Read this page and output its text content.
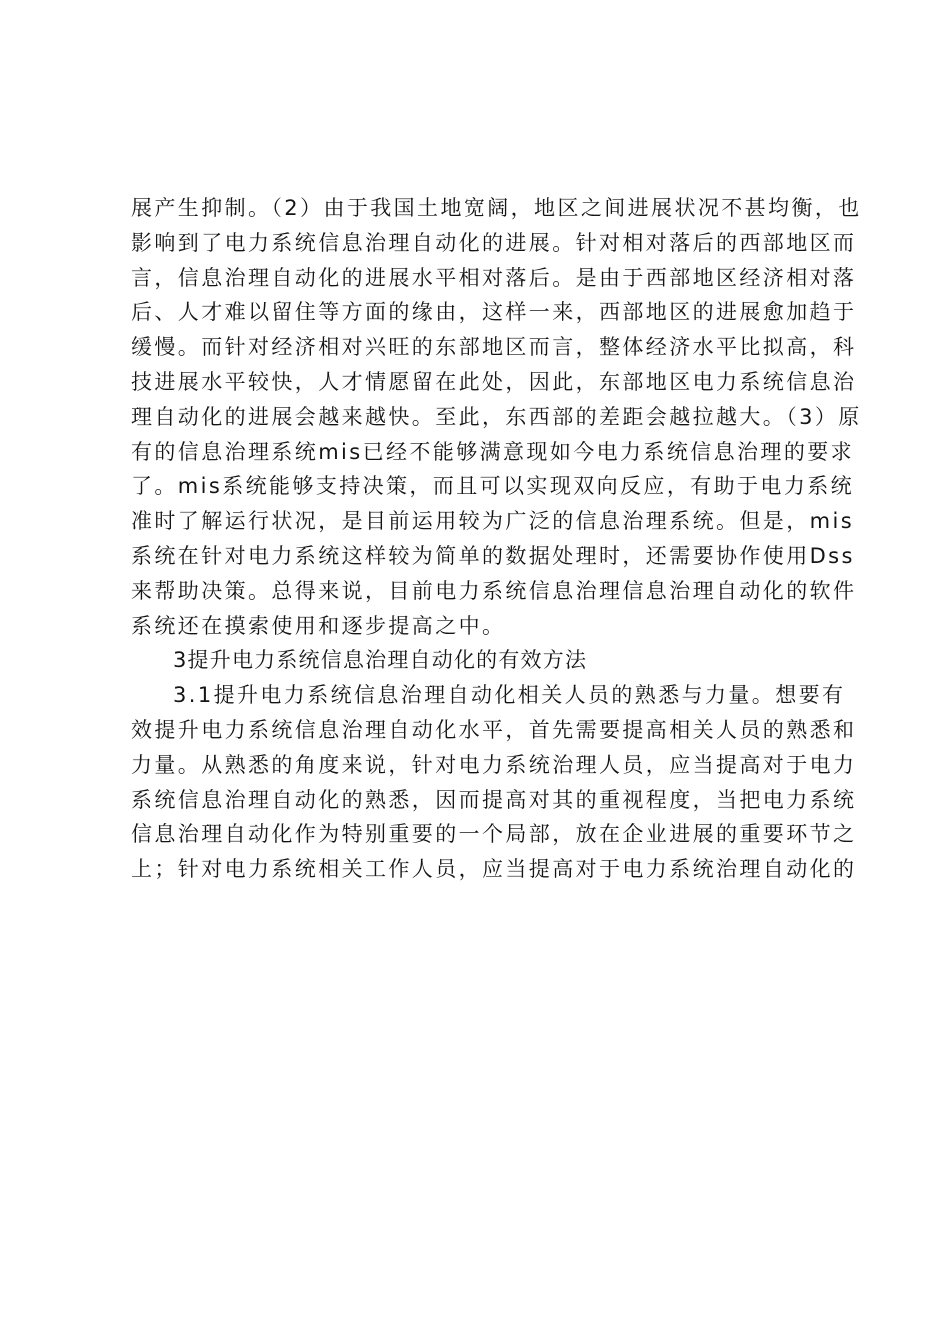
展产生抑制。（2）由于我国土地宽阔，地区之间进展状况不甚均衡，也
影响到了电力系统信息治理自动化的进展。针对相对落后的西部地区而
言，信息治理自动化的进展水平相对落后。是由于西部地区经济相对落
后、人才难以留住等方面的缘由，这样一来，西部地区的进展愈加趋于
缓慢。而针对经济相对兴旺的东部地区而言，整体经济水平比拟高，科
技进展水平较快，人才情愿留在此处，因此，东部地区电力系统信息治
理自动化的进展会越来越快。至此，东西部的差距会越拉越大。（3）原
有的信息治理系统mis已经不能够满意现如今电力系统信息治理的要求
了。mis系统能够支持决策，而且可以实现双向反应，有助于电力系统
准时了解运行状况，是目前运用较为广泛的信息治理系统。但是，mis
系统在针对电力系统这样较为简单的数据处理时，还需要协作使用Dss
来帮助决策。总得来说，目前电力系统信息治理信息治理自动化的软件
系统还在摸索使用和逐步提高之中。
3提升电力系统信息治理自动化的有效方法
3.1提升电力系统信息治理自动化相关人员的熟悉与力量。想要有
效提升电力系统信息治理自动化水平，首先需要提高相关人员的熟悉和
力量。从熟悉的角度来说，针对电力系统治理人员，应当提高对于电力
系统信息治理自动化的熟悉，因而提高对其的重视程度，当把电力系统
信息治理自动化作为特别重要的一个局部，放在企业进展的重要环节之
上；针对电力系统相关工作人员，应当提高对于电力系统治理自动化的
